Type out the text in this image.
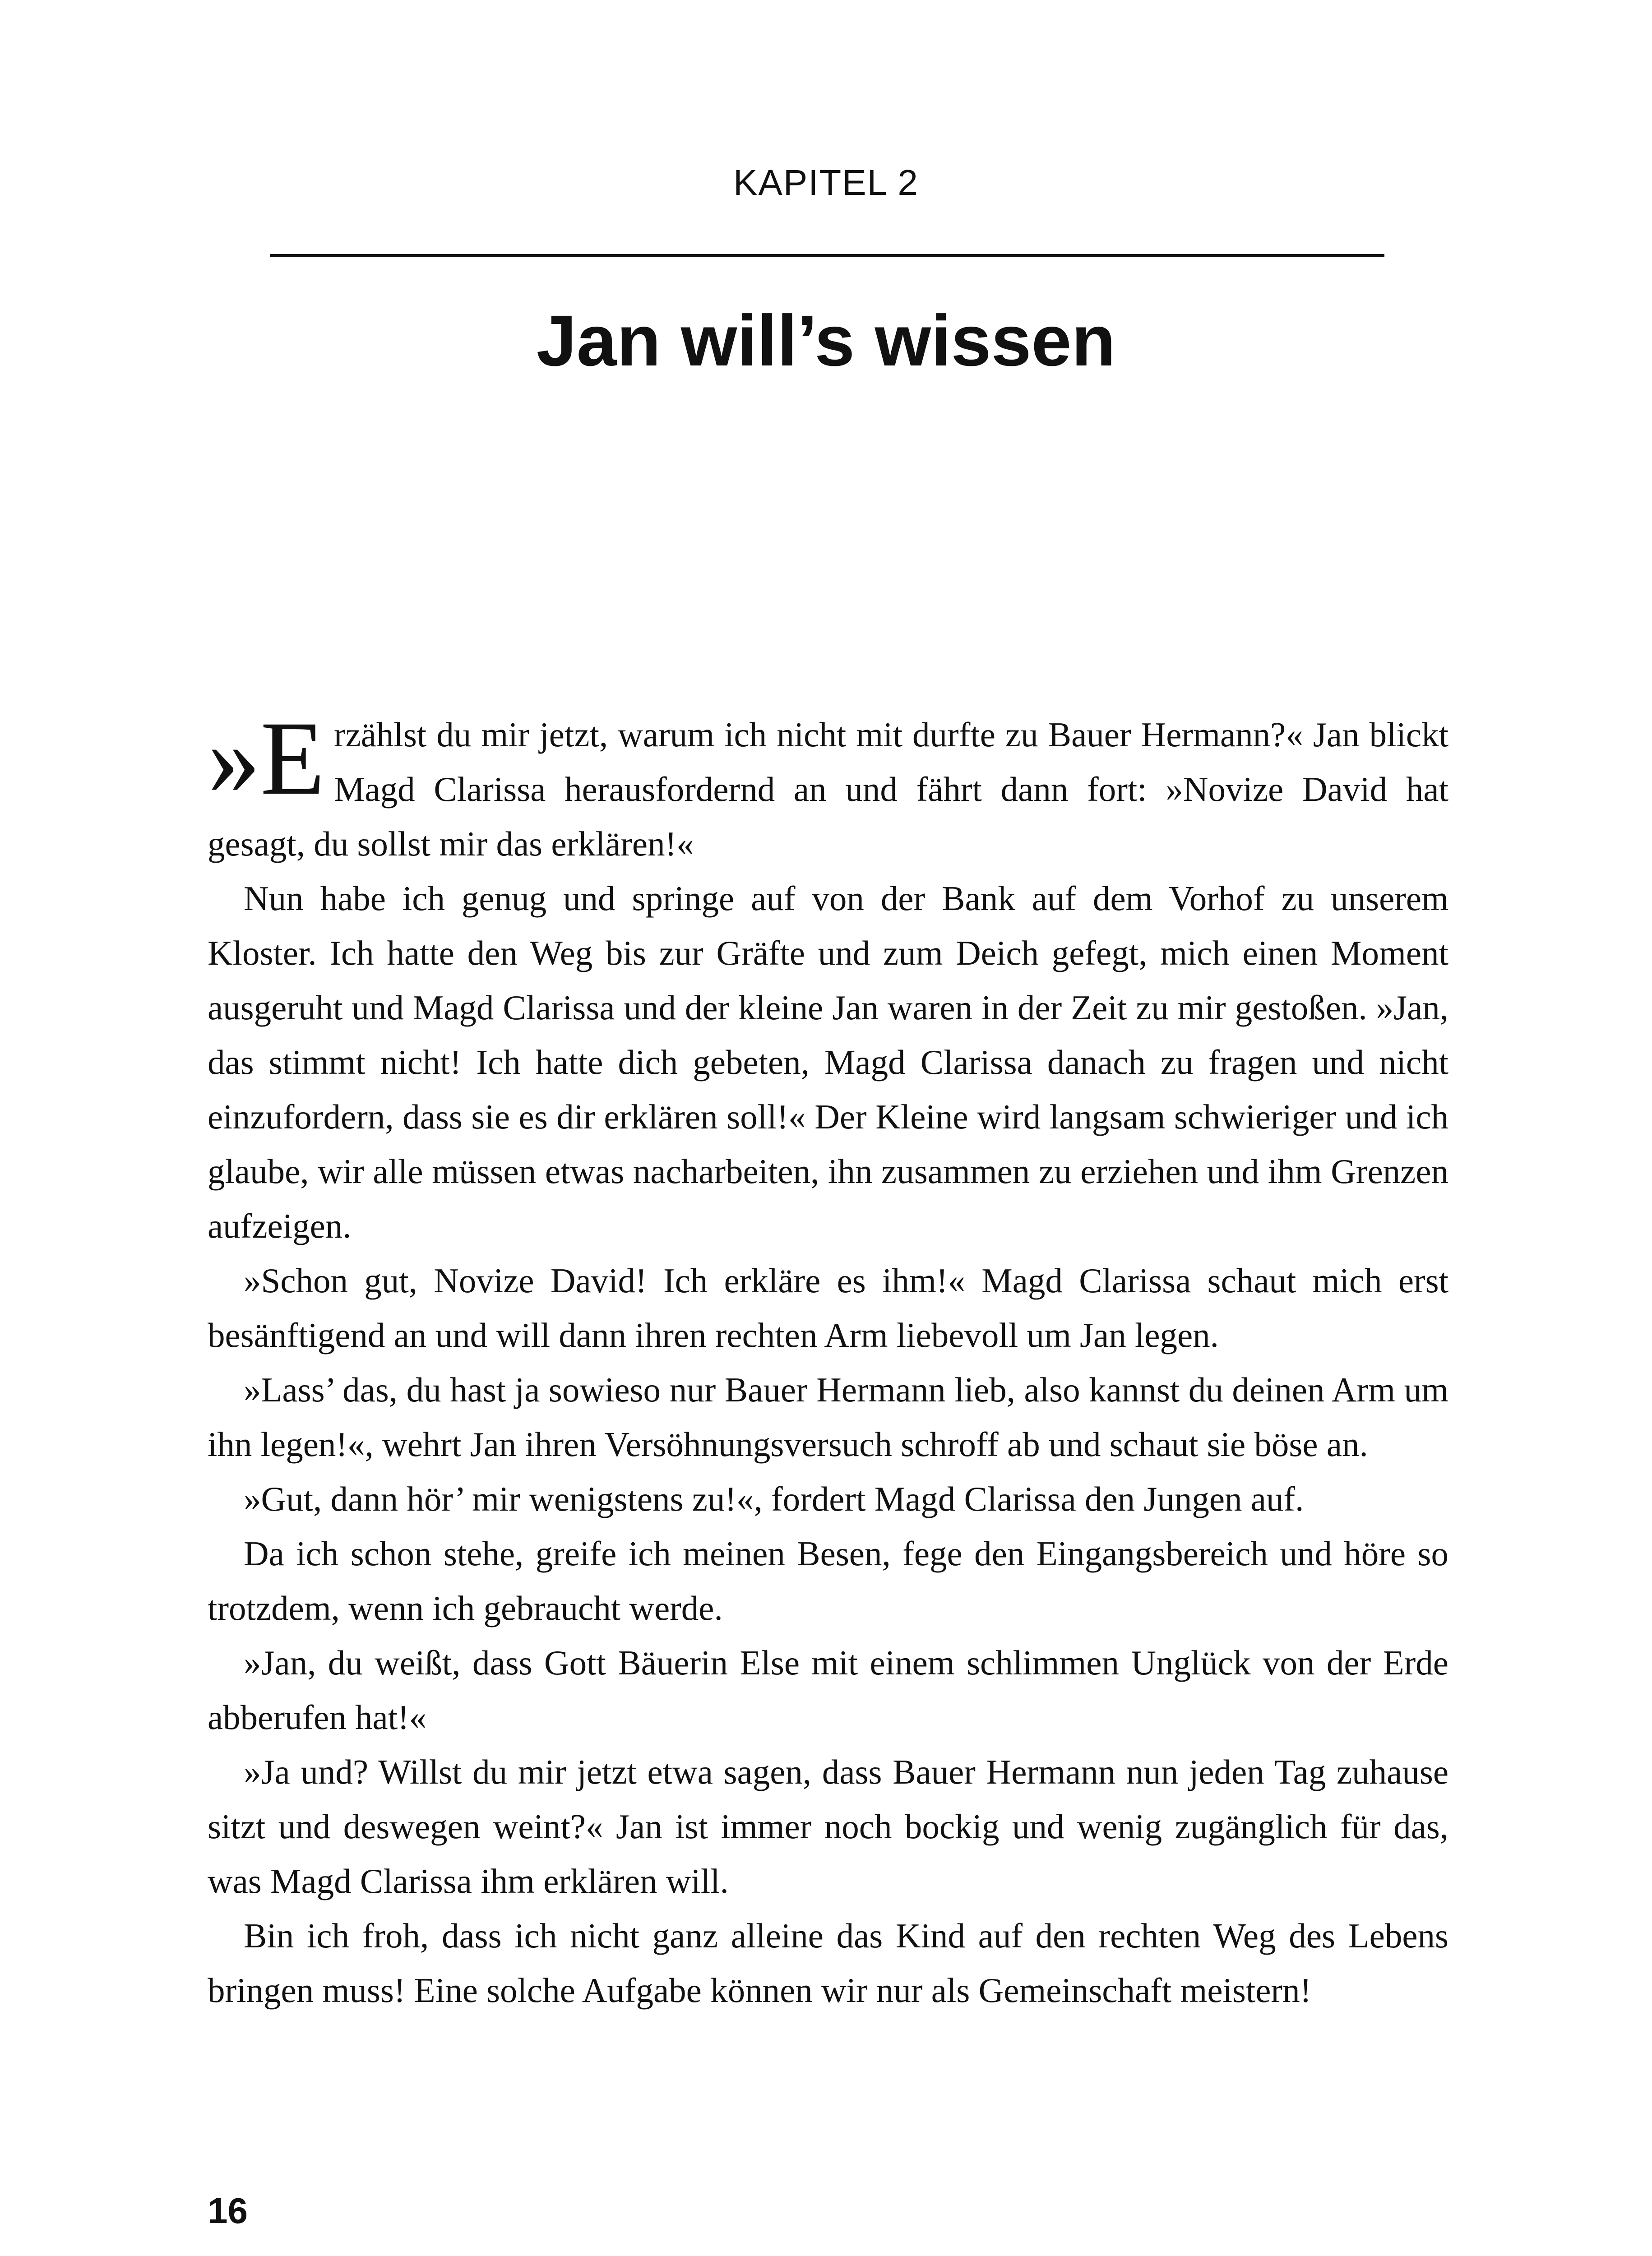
KAPITEL 2
Jan will’s wissen

»E rzählst du mir jetzt, warum ich nicht mit durfte zu Bauer Hermann?« Jan blickt Magd Clarissa herausfordernd an und fährt dann fort: »Novize David hat gesagt, du sollst mir das erklären!«

Nun habe ich genug und springe auf von der Bank auf dem Vorhof zu unserem Kloster. Ich hatte den Weg bis zur Gräfte und zum Deich gefegt, mich einen Moment ausgeruht und Magd Clarissa und der kleine Jan waren in der Zeit zu mir gestoßen. »Jan, das stimmt nicht! Ich hatte dich gebeten, Magd Clarissa danach zu fragen und nicht einzufordern, dass sie es dir erklären soll!« Der Kleine wird langsam schwieriger und ich glaube, wir alle müssen etwas nacharbeiten, ihn zusammen zu erziehen und ihm Grenzen aufzeigen.

»Schon gut, Novize David! Ich erkläre es ihm!« Magd Clarissa schaut mich erst besänftigend an und will dann ihren rechten Arm liebevoll um Jan legen.

»Lass’ das, du hast ja sowieso nur Bauer Hermann lieb, also kannst du deinen Arm um ihn legen!«, wehrt Jan ihren Versöhnungsversuch schroff ab und schaut sie böse an.

»Gut, dann hör’ mir wenigstens zu!«, fordert Magd Clarissa den Jungen auf.

Da ich schon stehe, greife ich meinen Besen, fege den Eingangsbereich und höre so trotzdem, wenn ich gebraucht werde.

»Jan, du weißt, dass Gott Bäuerin Else mit einem schlimmen Unglück von der Erde abberufen hat!«

»Ja und? Willst du mir jetzt etwa sagen, dass Bauer Hermann nun jeden Tag zuhause sitzt und deswegen weint?« Jan ist immer noch bockig und wenig zugänglich für das, was Magd Clarissa ihm erklären will.

Bin ich froh, dass ich nicht ganz alleine das Kind auf den rechten Weg des Lebens bringen muss! Eine solche Aufgabe können wir nur als Gemeinschaft meistern!

16
